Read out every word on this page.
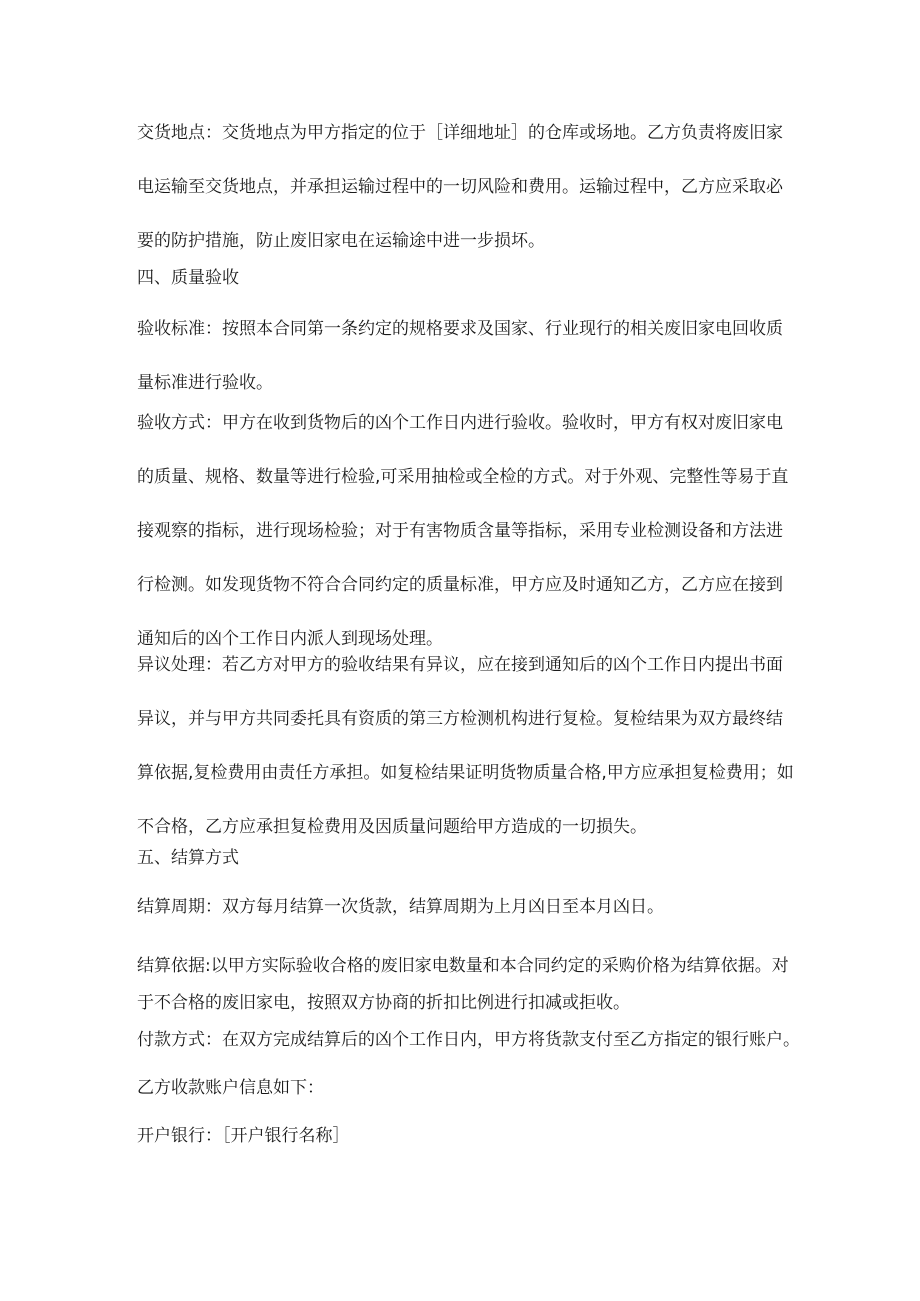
交货地点：交货地点为甲方指定的位于［详细地址］的仓库或场地。乙方负责将废旧家
电运输至交货地点，并承担运输过程中的一切风险和费用。运输过程中，乙方应采取必
要的防护措施，防止废旧家电在运输途中进一步损坏。
四、质量验收
验收标准：按照本合同第一条约定的规格要求及国家、行业现行的相关废旧家电回收质
量标准进行验收。
验收方式：甲方在收到货物后的凶个工作日内进行验收。验收时，甲方有权对废旧家电
的质量、规格、数量等进行检验,可采用抽检或全检的方式。对于外观、完整性等易于直
接观察的指标，进行现场检验；对于有害物质含量等指标，采用专业检测设备和方法进
行检测。如发现货物不符合合同约定的质量标准，甲方应及时通知乙方，乙方应在接到
通知后的凶个工作日内派人到现场处理。
异议处理：若乙方对甲方的验收结果有异议，应在接到通知后的凶个工作日内提出书面
异议，并与甲方共同委托具有资质的第三方检测机构进行复检。复检结果为双方最终结
算依据,复检费用由责任方承担。如复检结果证明货物质量合格,甲方应承担复检费用；如
不合格，乙方应承担复检费用及因质量问题给甲方造成的一切损失。
五、结算方式
结算周期：双方每月结算一次货款，结算周期为上月凶日至本月凶日。
结算依据:以甲方实际验收合格的废旧家电数量和本合同约定的采购价格为结算依据。对
于不合格的废旧家电，按照双方协商的折扣比例进行扣减或拒收。
付款方式：在双方完成结算后的凶个工作日内，甲方将货款支付至乙方指定的银行账户。
乙方收款账户信息如下：
开户银行：［开户银行名称］
